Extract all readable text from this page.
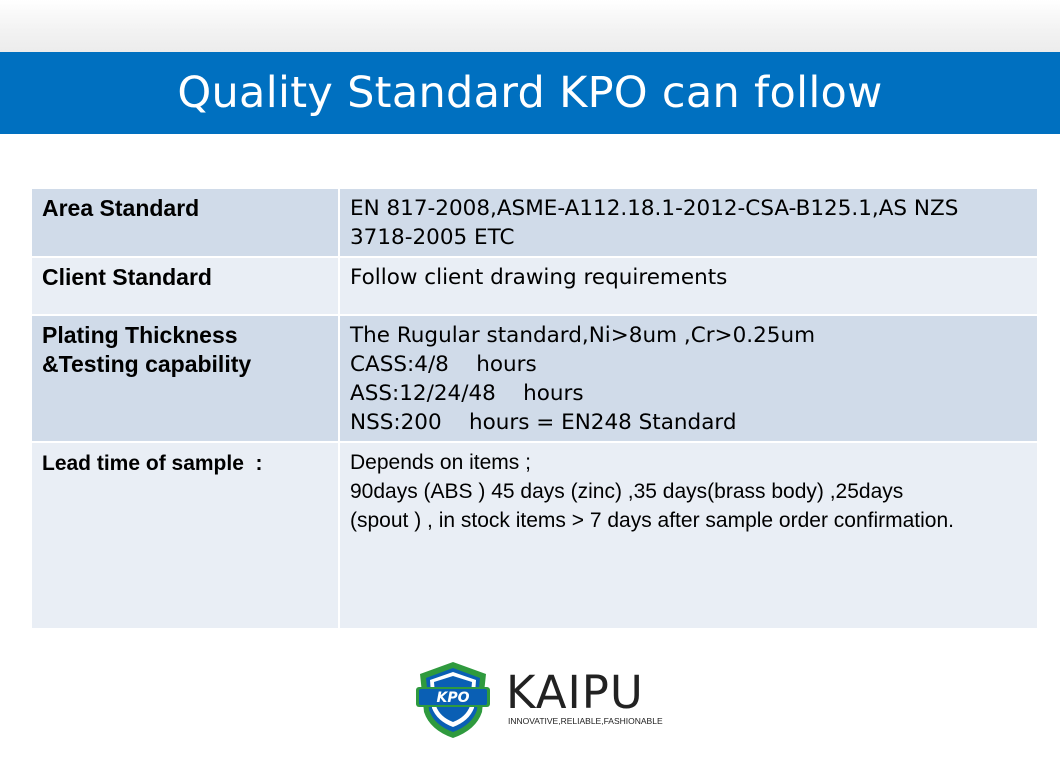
Quality Standard KPO can follow
Area Standard	EN 817-2008,ASME-A112.18.1-2012-CSA-B125.1,AS NZS
3718-2005 ETC

Client Standard	Follow client drawing requirements

Plating Thickness
&Testing capability	The Rugular standard,Ni>8um ,Cr>0.25um
CASS:4/8    hours
ASS:12/24/48    hours
NSS:200    hours = EN248 Standard

Lead time of sample  :	Depends on items ;
90days (ABS ) 45 days (zinc) ,35 days(brass body) ,25days
(spout ) , in stock items > 7 days after sample order confirmation.
KPO KAIPU
INNOVATIVE,RELIABLE,FASHIONABLE
